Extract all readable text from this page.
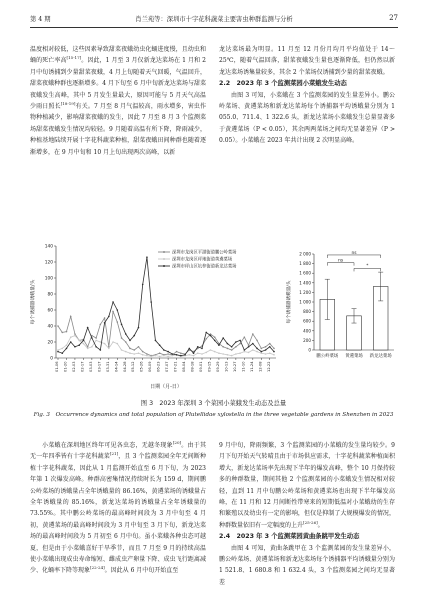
第 4 期	肖兰苑等：深圳市十字花科蔬菜主要害虫种群监测与分析	27

温度相对较低，这些因素导致甜菜夜蛾幼虫化蛹进度慢，且幼虫和蛹的死亡率高[15-17]。因此，1 月至 3 月仅新龙达菜场在 1 月和 2 月中旬诱捕到少量甜菜夜蛾，4 月上旬随着天气回暖，气温回升，甜菜夜蛾种群也逐渐增多。4 月下旬至 6 月中旬新龙达菜场与甜菜夜蛾发生高峰，其中 5 月发生量最大，原因可能与 5 月天气高温少雨日照长[18-19]有关。7 月至 8 月气温较高，雨水增多，害虫作物种植减少，影响甜菜夜蛾的发生，因此 7 月至 8 月 3 个监测菜场甜菜夜蛾发生情况均较轻。9 月随着高温有所下降，降雨减少，种植基地陆续开展十字花科蔬菜种植，甜菜夜蛾田间种群也随着逐渐增多，在 9 月中旬和 10 月上旬出现两次高峰，以新

龙达菜场最为明显。11 月至 12 月份月均月平均值处于 14～25℃，随着气温回落，甜菜夜蛾发生量也逐渐降低，但仍然以新龙达菜场诱集量较多，其余 2 个菜场仅诱捕到少量的甜菜夜蛾。

2.2　2023 年 3 个监测菜园小菜蛾发生动态

由图 3 可知，小菜蛾在 3 个监测菜园的发生量差异小。鹏公岭菜场、黄遴菜场和新龙达菜场每个诱捕器平均诱蛾量分别为 1 055.0、711.4、1 322.6 头，新龙达菜场小菜蛾发生总量显著多于黄遴菜场（P < 0.05），其余两两菜场之间均无显著差异（P > 0.05）。小菜蛾在 2023 年共计出现 2 次明显高峰。

140
120
100
80
60
40
20
0
01-06 01-20 02-03 02-17 03-03 03-17 03-31 04-14 04-28 05-12 05-26 06-09 06-23 07-07 07-21 08-04 08-18 09-01 09-15 09-29 10-13 10-27 11-10 11-24 12-08 12-22
每个诱捕器诱蛾量/头
日期（月-日）
深圳市龙岗区平湖街道鹏公岭菜场
深圳市龙岗区坪地街道黄遴菜场
深圳市坪山区坑梓街道新龙达菜场
2 000
1 800
1 600
1 400
1 200
1 000
800
600
400
200
0
每个诱捕器诱蛾量/头
鹏公岭菜场 黄遴菜场 新龙达菜场
ns
*
ns
图 3　2023 年深圳 3 个菜园小菜蛾发生动态及总量
Fig. 3　Occurrence dynamics and total population of Plutellidae xylostella in the three vegetable gardens in Shenzhen in 2023

小菜蛾在深圳地区终年可见各虫态，无越冬现象[20]。由于其无一年四季皆有十字花科蔬菜[21]，且 3 个监测菜园全年无间断种植十字花科蔬菜，因此从 1 月监测开始直至 6 月下旬，为 2023 年第 1 次爆发高峰。种群高密集情况持续时长为 159 d，期间鹏公岭菜场的诱蛾量占全年诱蛾量的 86.16%，黄遴菜场的诱蛾量占全年诱蛾量的 85.16%，新龙达菜场的诱蛾量占全年诱蛾量的 73.55%。其中鹏公岭菜场的最高峰时间段为 3 月中旬至 4 月初，黄遴菜场的最高峰时间段为 3 月中旬至 3 月下旬，新龙达菜场的最高峰时间段为 5 月初至 6 月中旬。虽小菜蛾各种虫态可越夏，但是由于小菜蛾喜好干旱季节，而且 7 月至 9 月的持续高温使小菜蛾出现成虫寿命缩短、雌成虫产卵量下降、成虫飞行距离减少、化蛹率下降等现象[22-24]。因此从 6 月中旬开始直至

9 月中旬，降雨频繁，3 个监测菜园的小菜蛾的发生量均较少。9 月下旬开始天气转晴且由于市场供应需求，十字花科蔬菜种植面积增大，新龙达菜场率先出现下半年的爆发高峰，整个 10 月保持较多的种群数量，期间其他 2 个监测菜园的小菜蛾发生情况相对较轻，直到 11 月中旬鹏公岭菜场和黄遴菜场也出现下半年爆发高峰，在 11 月和 12 月间断性带寒来的短期低温对小菜蛾幼的生存和繁殖以及幼虫有一定的影响，但仅是抑制了大规模爆发的情况，种群数量依旧有一定幅度的上升[25-26]。

2.4　2023 年 3 个监测菜园黄曲条跳甲发生动态

由图 4 可知，黄曲条跳甲在 3 个监测菜园的发生量差异小，鹏公岭菜场、黄遴菜场和新龙达菜场每个诱捕器平均诱蛾量分别为 1 521.8、1 680.8 和 1 632.4 头，3 个监测菜园之间均无显著差
